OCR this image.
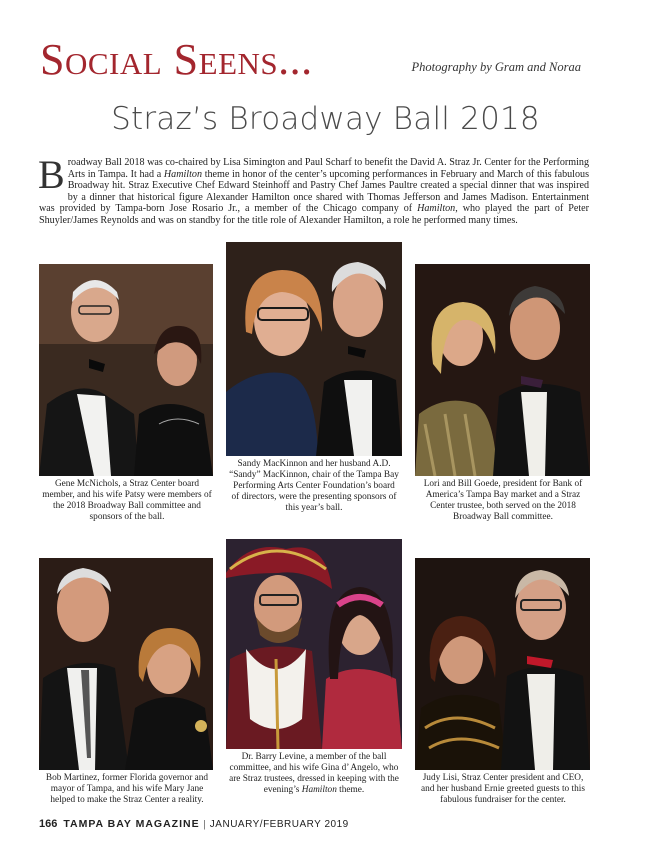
Social Seens...	Photography by Gram and Noraa
Straz’s Broadway Ball 2018
Broadway Ball 2018 was co-chaired by Lisa Simington and Paul Scharf to benefit the David A. Straz Jr. Center for the Performing Arts in Tampa. It had a Hamilton theme in honor of the center’s upcoming performances in February and March of this fabulous Broadway hit. Straz Executive Chef Edward Steinhoff and Pastry Chef James Paultre created a special dinner that was inspired by a dinner that historical figure Alexander Hamilton once shared with Thomas Jefferson and James Madison. Entertainment was provided by Tampa-born Jose Rosario Jr., a member of the Chicago company of Hamilton, who played the part of Peter Shuyler/James Reynolds and was on standby for the title role of Alexander Hamilton, a role he performed many times.
Gene McNichols, a Straz Center board member, and his wife Patsy were members of the 2018 Broadway Ball committee and sponsors of the ball.
Sandy MacKinnon and her husband A.D. “Sandy” MacKinnon, chair of the Tampa Bay Performing Arts Center Foundation’s board of directors, were the presenting sponsors of this year’s ball.
Lori and Bill Goede, president for Bank of America’s Tampa Bay market and a Straz Center trustee, both served on the 2018 Broadway Ball committee.
Bob Martinez, former Florida governor and mayor of Tampa, and his wife Mary Jane helped to make the Straz Center a reality.
Dr. Barry Levine, a member of the ball committee, and his wife Gina d’ Angelo, who are Straz trustees, dressed in keeping with the evening’s Hamilton theme.
Judy Lisi, Straz Center president and CEO, and her husband Ernie greeted guests to this fabulous fundraiser for the center.
166 TAMPA BAY MAGAZINE | JANUARY/FEBRUARY 2019
